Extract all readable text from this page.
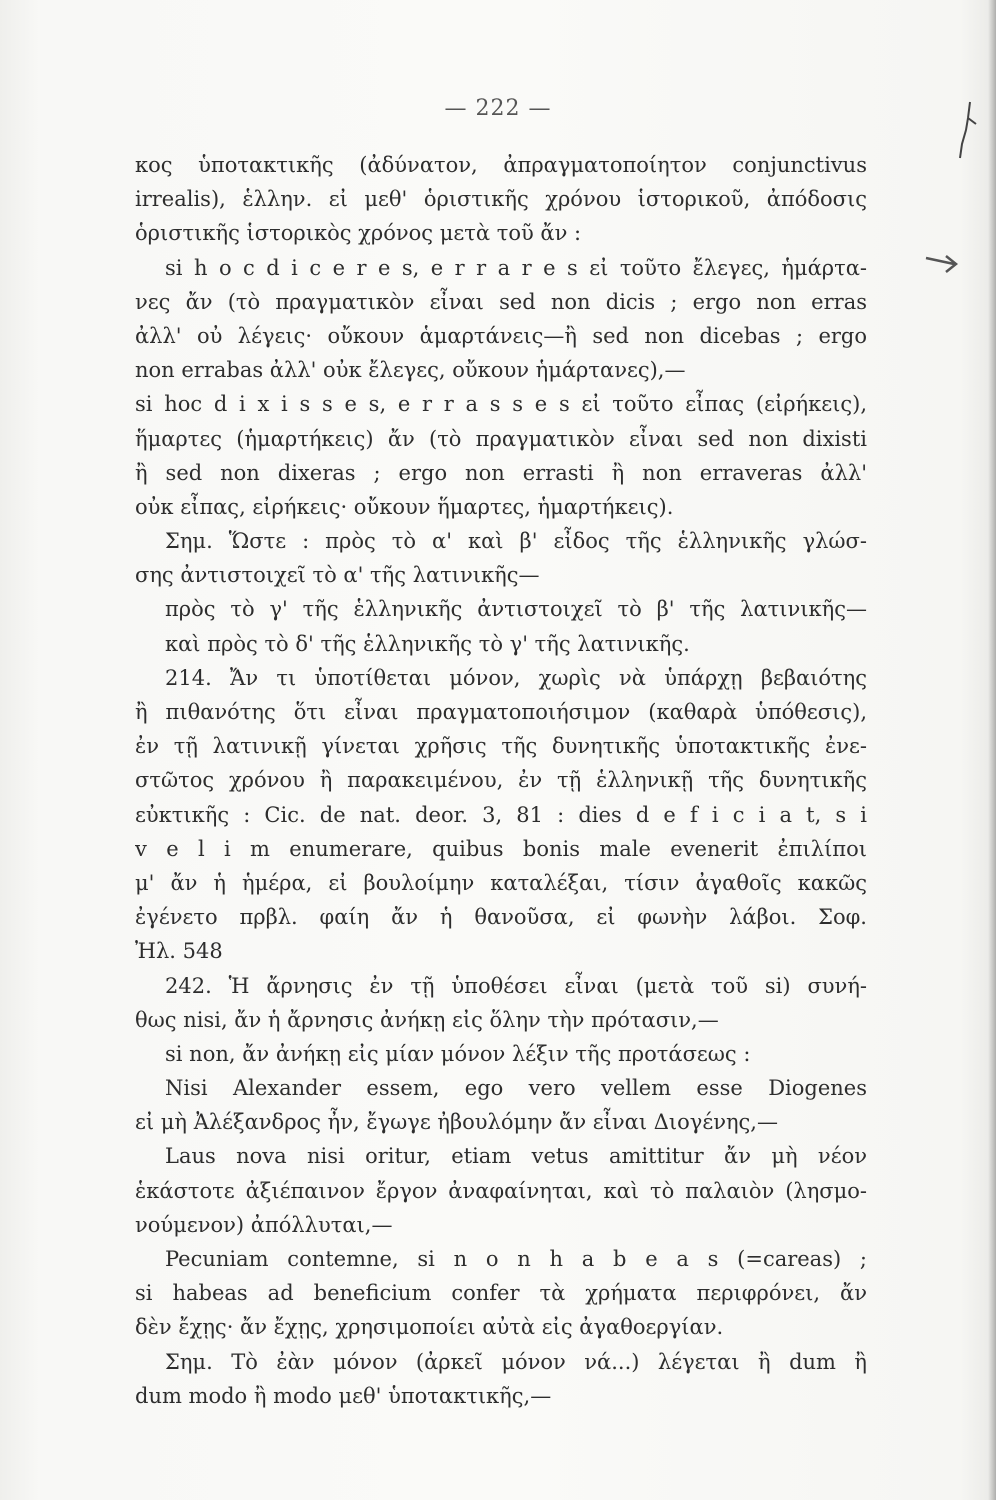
— 222 —
κος ὑποτακτικῆς (ἀδύνατον, ἀπραγματοποίητον conjunctivus
irrealis), ἑλλην. εἰ μεθ' ὁριστικῆς χρόνου ἱστορικοῦ, ἀπόδοσις
ὁριστικῆς ἱστορικὸς χρόνος μετὰ τοῦ ἄν :
si h o c d i c e r e s, e r r a r e s εἰ τοῦτο ἔλεγες, ἡμάρτα-
νες ἄν (τὸ πραγματικὸν εἶναι sed non dicis ; ergo non erras
ἀλλ' οὐ λέγεις· οὔκουν ἁμαρτάνεις—ἢ sed non dicebas ; ergo
non errabas ἀλλ' οὐκ ἔλεγες, οὔκουν ἡμάρτανες),—
si hoc d i x i s s e s, e r r a s s e s εἰ τοῦτο εἶπας (εἰρήκεις),
ἥμαρτες (ἡμαρτήκεις) ἄν (τὸ πραγματικὸν εἶναι sed non dixisti
ἢ sed non dixeras ; ergo non errasti ἢ non erraveras ἀλλ'
οὐκ εἶπας, εἰρήκεις· οὔκουν ἥμαρτες, ἡμαρτήκεις).
Σημ. Ὥστε : πρὸς τὸ α' καὶ β' εἶδος τῆς ἑλληνικῆς γλώσ-
σης ἀντιστοιχεῖ τὸ α' τῆς λατινικῆς—
πρὸς τὸ γ' τῆς ἑλληνικῆς ἀντιστοιχεῖ τὸ β' τῆς λατινικῆς—
καὶ πρὸς τὸ δ' τῆς ἑλληνικῆς τὸ γ' τῆς λατινικῆς.
214. Ἄν τι ὑποτίθεται μόνον, χωρὶς νὰ ὑπάρχῃ βεβαιότης
ἢ πιθανότης ὅτι εἶναι πραγματοποιήσιμον (καθαρὰ ὑπόθεσις),
ἐν τῇ λατινικῇ γίνεται χρῆσις τῆς δυνητικῆς ὑποτακτικῆς ἐνε-
στῶτος χρόνου ἢ παρακειμένου, ἐν τῇ ἑλληνικῇ τῆς δυνητικῆς
εὐκτικῆς : Cic. de nat. deor. 3, 81 : dies d e f i c i a t, s i
v e l i m enumerare, quibus bonis male evenerit ἐπιλίποι
μ' ἄν ἡ ἡμέρα, εἰ βουλοίμην καταλέξαι, τίσιν ἀγαθοῖς κακῶς
ἐγένετο πρβλ. φαίη ἄν ἡ θανοῦσα, εἰ φωνὴν λάβοι. Σοφ.
Ἠλ. 548
242. Ἡ ἄρνησις ἐν τῇ ὑποθέσει εἶναι (μετὰ τοῦ si) συνή-
θως nisi, ἄν ἡ ἄρνησις ἀνήκῃ εἰς ὅλην τὴν πρότασιν,—
si non, ἄν ἀνήκῃ εἰς μίαν μόνον λέξιν τῆς προτάσεως :
Nisi Alexander essem, ego vero vellem esse Diogenes
εἰ μὴ Ἀλέξανδρος ἦν, ἔγωγε ἠβουλόμην ἄν εἶναι Διογένης,—
Laus nova nisi oritur, etiam vetus amittitur ἄν μὴ νέον
ἑκάστοτε ἀξιέπαινον ἔργον ἀναφαίνηται, καὶ τὸ παλαιὸν (λησμο-
νούμενον) ἀπόλλυται,—
Pecuniam contemne, si n o n h a b e a s (=careas) ;
si habeas ad beneficium confer τὰ χρήματα περιφρόνει, ἄν
δὲν ἔχῃς· ἄν ἔχῃς, χρησιμοποίει αὐτὰ εἰς ἀγαθοεργίαν.
Σημ. Τὸ ἐὰν μόνον (ἀρκεῖ μόνον νά...) λέγεται ἢ dum ἢ
dum modo ἢ modo μεθ' ὑποτακτικῆς,—
